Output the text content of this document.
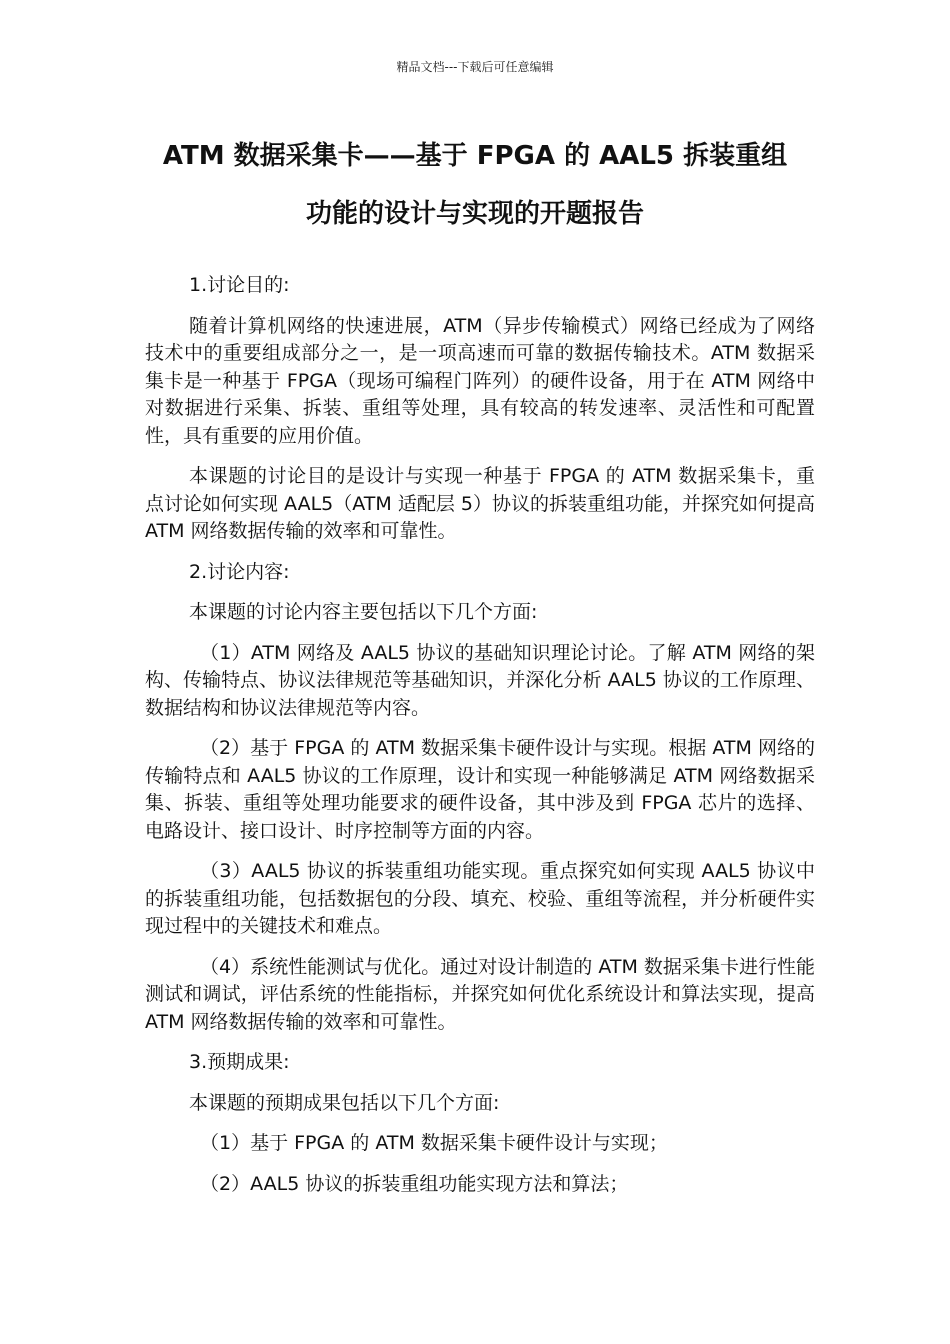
精品文档---下载后可任意编辑
ATM 数据采集卡——基于 FPGA 的 AAL5 拆装重组
功能的设计与实现的开题报告

1.讨论目的:

随着计算机网络的快速进展，ATM（异步传输模式）网络已经成为了网络技术中的重要组成部分之一，是一项高速而可靠的数据传输技术。ATM 数据采集卡是一种基于 FPGA（现场可编程门阵列）的硬件设备，用于在 ATM 网络中对数据进行采集、拆装、重组等处理，具有较高的转发速率、灵活性和可配置性，具有重要的应用价值。

本课题的讨论目的是设计与实现一种基于 FPGA 的 ATM 数据采集卡，重点讨论如何实现 AAL5（ATM 适配层 5）协议的拆装重组功能，并探究如何提高 ATM 网络数据传输的效率和可靠性。

2.讨论内容:

本课题的讨论内容主要包括以下几个方面:

（1）ATM 网络及 AAL5 协议的基础知识理论讨论。了解 ATM 网络的架构、传输特点、协议法律规范等基础知识，并深化分析 AAL5 协议的工作原理、数据结构和协议法律规范等内容。

（2）基于 FPGA 的 ATM 数据采集卡硬件设计与实现。根据 ATM 网络的传输特点和 AAL5 协议的工作原理，设计和实现一种能够满足 ATM 网络数据采集、拆装、重组等处理功能要求的硬件设备，其中涉及到 FPGA 芯片的选择、电路设计、接口设计、时序控制等方面的内容。

（3）AAL5 协议的拆装重组功能实现。重点探究如何实现 AAL5 协议中的拆装重组功能，包括数据包的分段、填充、校验、重组等流程，并分析硬件实现过程中的关键技术和难点。

（4）系统性能测试与优化。通过对设计制造的 ATM 数据采集卡进行性能测试和调试，评估系统的性能指标，并探究如何优化系统设计和算法实现，提高 ATM 网络数据传输的效率和可靠性。

3.预期成果:

本课题的预期成果包括以下几个方面:

（1）基于 FPGA 的 ATM 数据采集卡硬件设计与实现；

（2）AAL5 协议的拆装重组功能实现方法和算法；
